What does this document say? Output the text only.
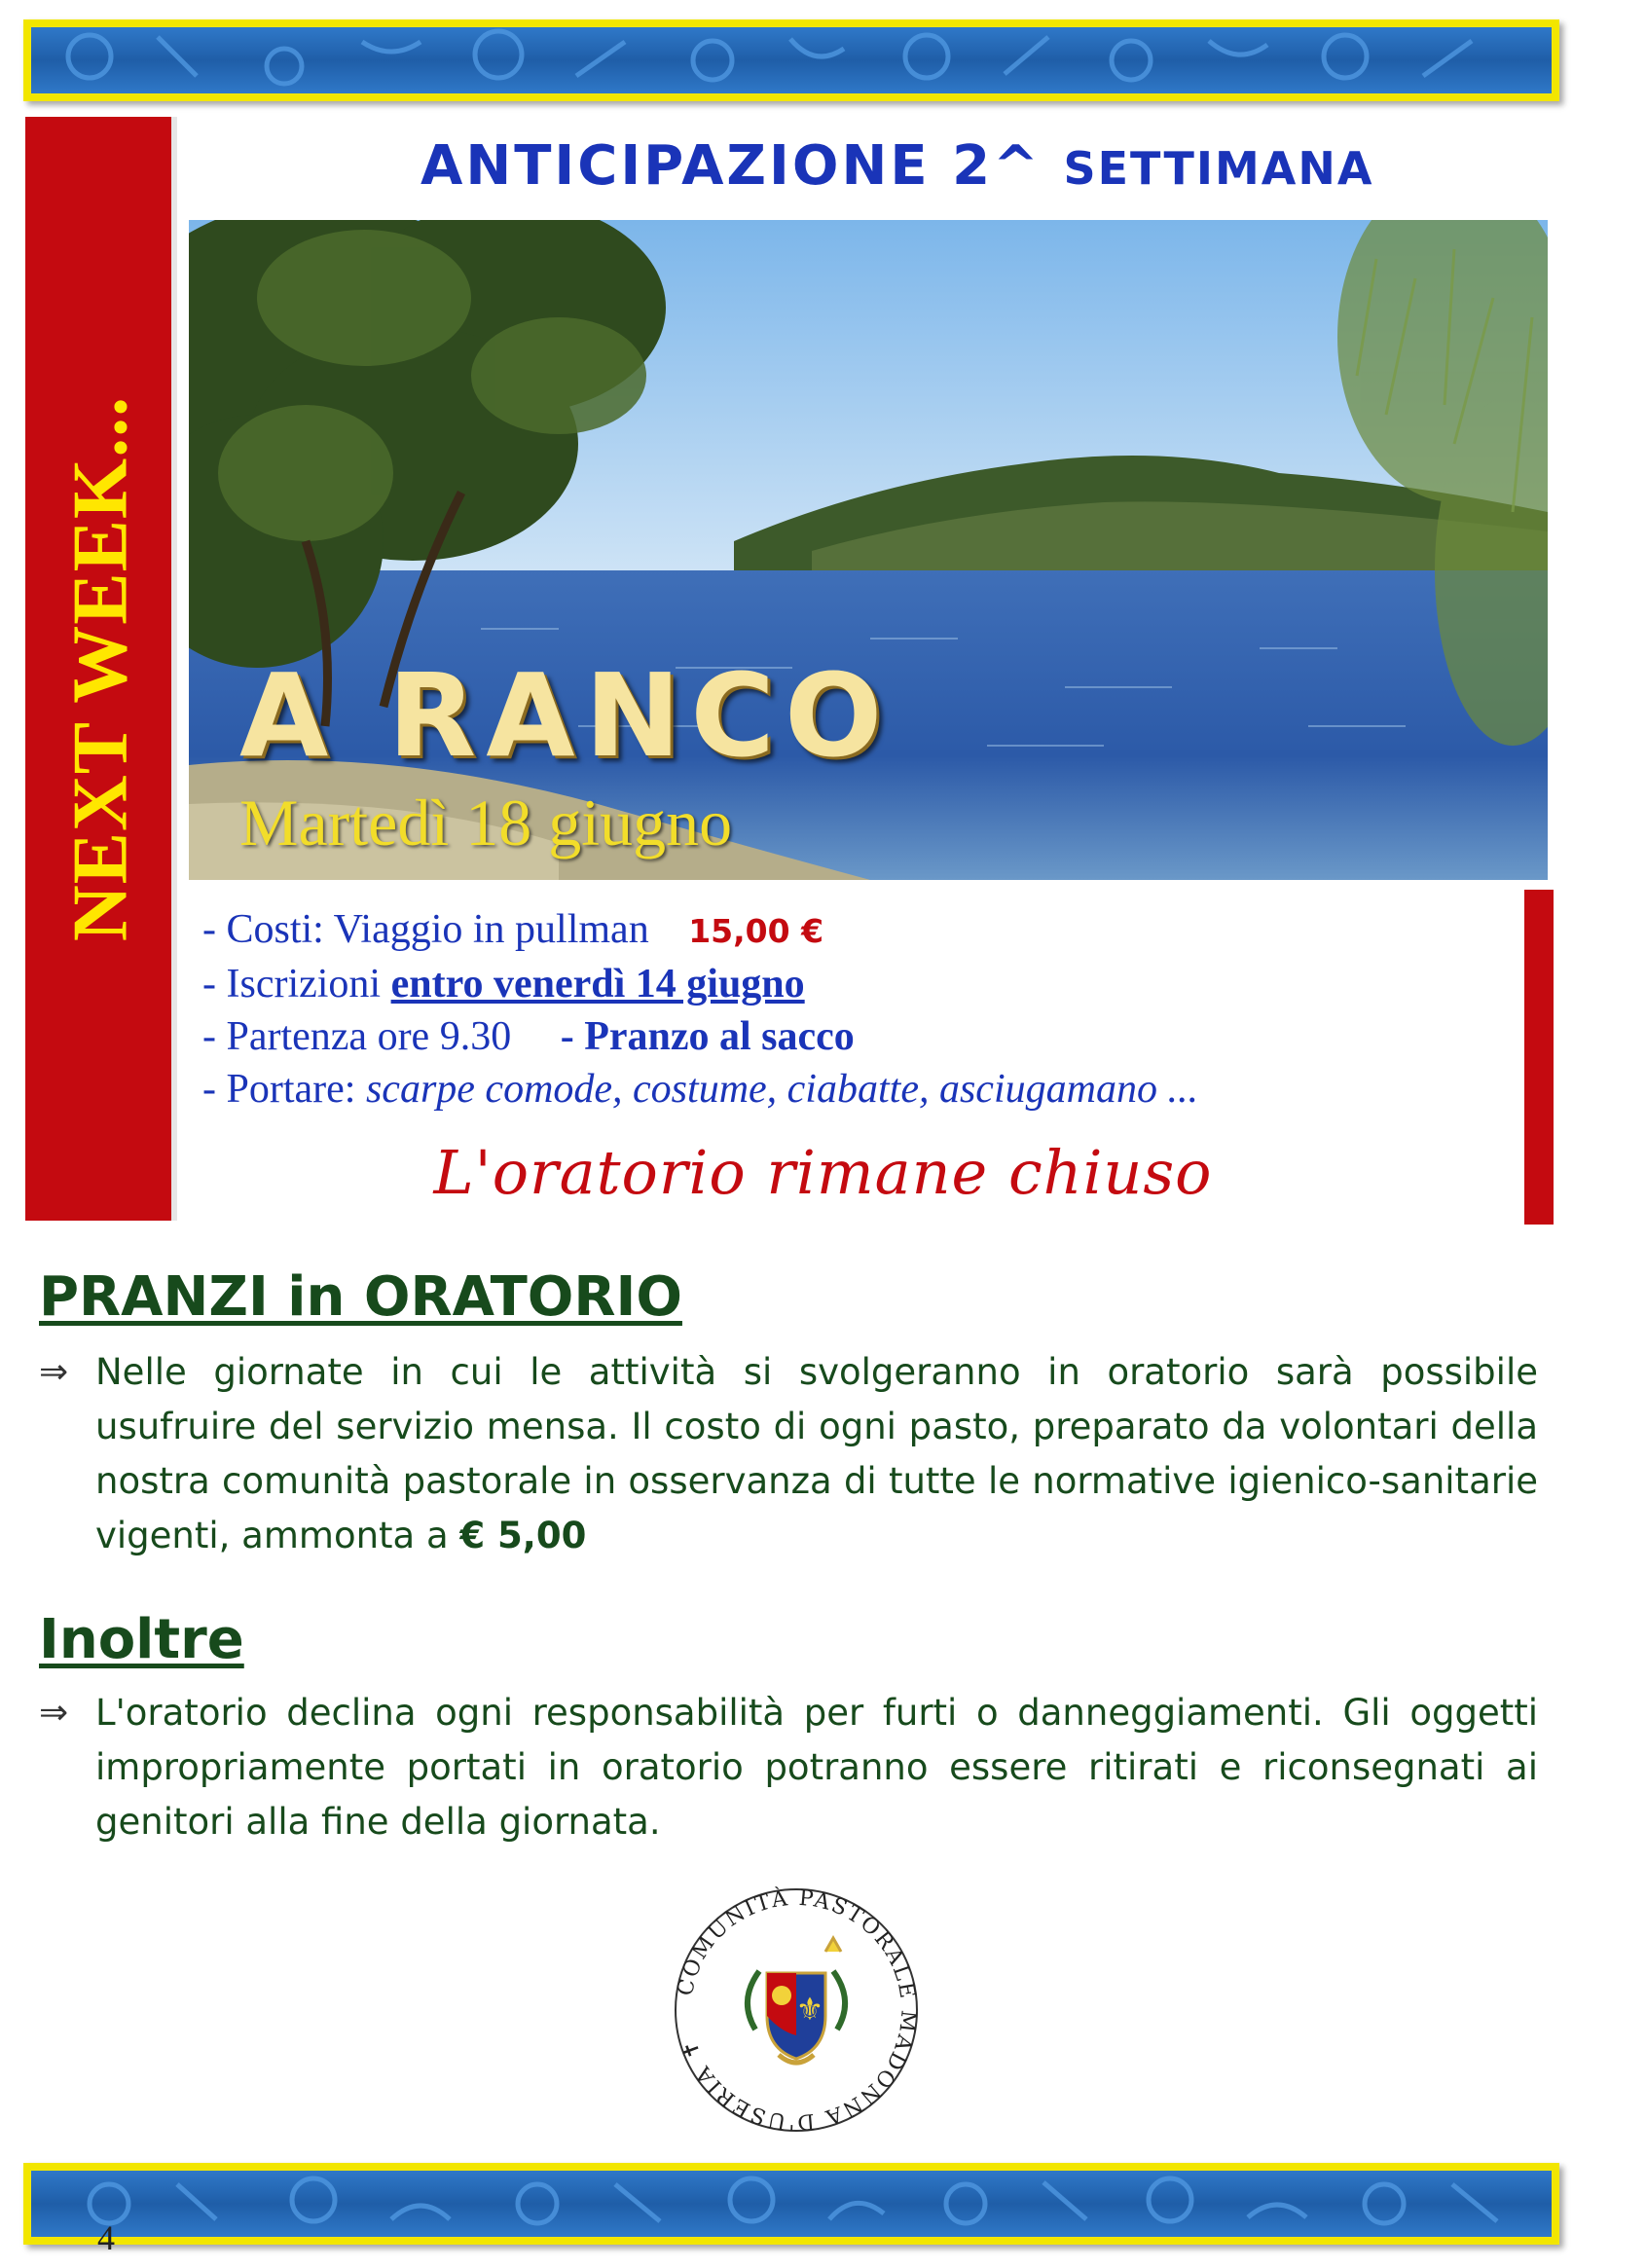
NEXT WEEK...
ANTICIPAZIONE 2^ SETTIMANA
A RANCO
Martedì 18 giugno
- Costi: Viaggio in pullman 15,00 €
- Iscrizioni entro venerdì 14 giugno
- Partenza ore 9.30 - Pranzo al sacco
- Portare: scarpe comode, costume, ciabatte, asciugamano ...
L'oratorio rimane chiuso
PRANZI in ORATORIO
⇒ Nelle giornate in cui le attività si svolgeranno in oratorio sarà possibile usufruire del servizio mensa. Il costo di ogni pasto, preparato da volontari della nostra comunità pastorale in osservanza di tutte le normative igienico-sanitarie vigenti, ammonta a € 5,00
Inoltre
⇒ L'oratorio declina ogni responsabilità per furti o danneggiamenti. Gli oggetti impropriamente portati in oratorio potranno essere ritirati e riconsegnati ai genitori alla fine della giornata.
COMUNITÀ PASTORALE MADONNA D'USERIA ✝
⚜
4
